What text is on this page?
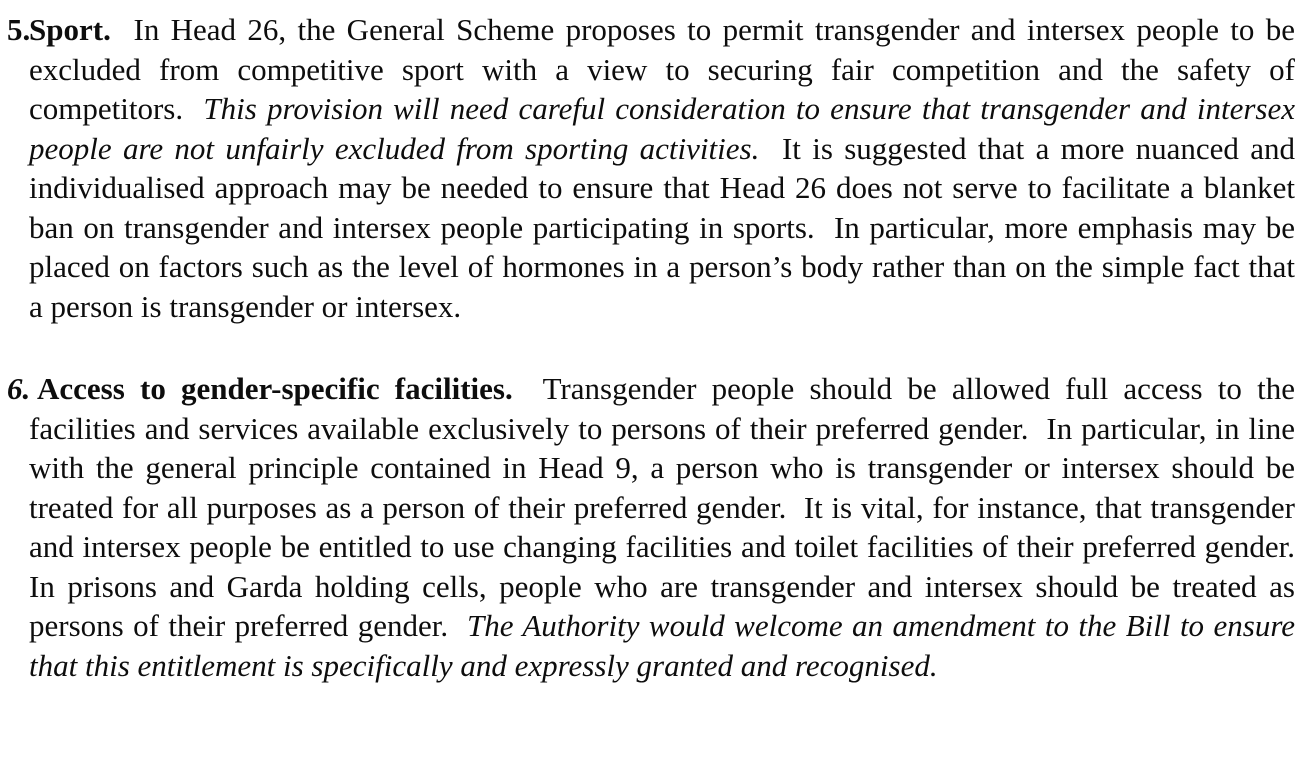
5.Sport.  In Head 26, the General Scheme proposes to permit transgender and intersex people to be excluded from competitive sport with a view to securing fair competition and the safety of competitors.  This provision will need careful consideration to ensure that transgender and intersex people are not unfairly excluded from sporting activities.  It is suggested that a more nuanced and individualised approach may be needed to ensure that Head 26 does not serve to facilitate a blanket ban on transgender and intersex people participating in sports.  In particular, more emphasis may be placed on factors such as the level of hormones in a person’s body rather than on the simple fact that a person is transgender or intersex.
6. Access to gender-specific facilities.  Transgender people should be allowed full access to the facilities and services available exclusively to persons of their preferred gender.  In particular, in line with the general principle contained in Head 9, a person who is transgender or intersex should be treated for all purposes as a person of their preferred gender.  It is vital, for instance, that transgender and intersex people be entitled to use changing facilities and toilet facilities of their preferred gender.  In prisons and Garda holding cells, people who are transgender and intersex should be treated as persons of their preferred gender.  The Authority would welcome an amendment to the Bill to ensure that this entitlement is specifically and expressly granted and recognised.
